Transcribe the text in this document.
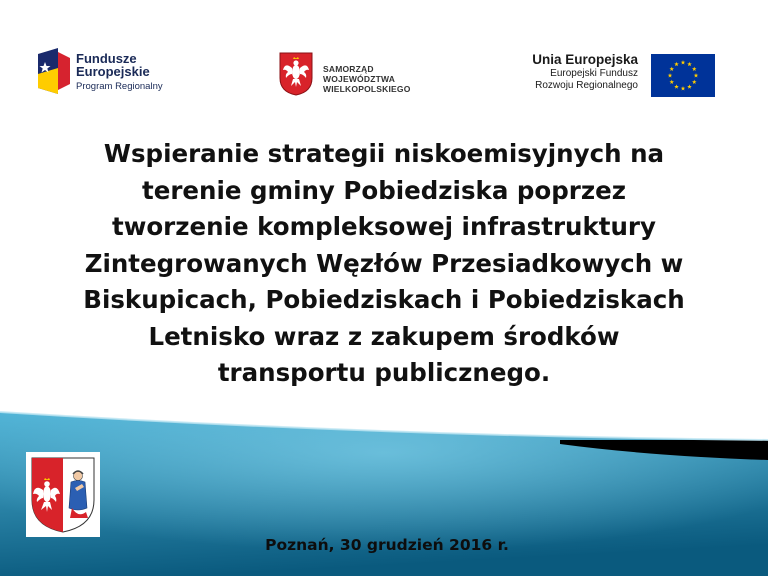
Fundusze
Europejskie
Program Regionalny
SAMORZĄD WOJEWÓDZTWA
WIELKOPOLSKIEGO
Unia Europejska
Europejski Fundusz
Rozwoju Regionalnego
Wspieranie strategii niskoemisyjnych na
terenie gminy Pobiedziska poprzez
tworzenie kompleksowej infrastruktury
Zintegrowanych Węzłów Przesiadkowych w
Biskupicach, Pobiedziskach i Pobiedziskach
Letnisko wraz z zakupem środków
transportu publicznego.
Poznań, 30 grudzień 2016 r.
